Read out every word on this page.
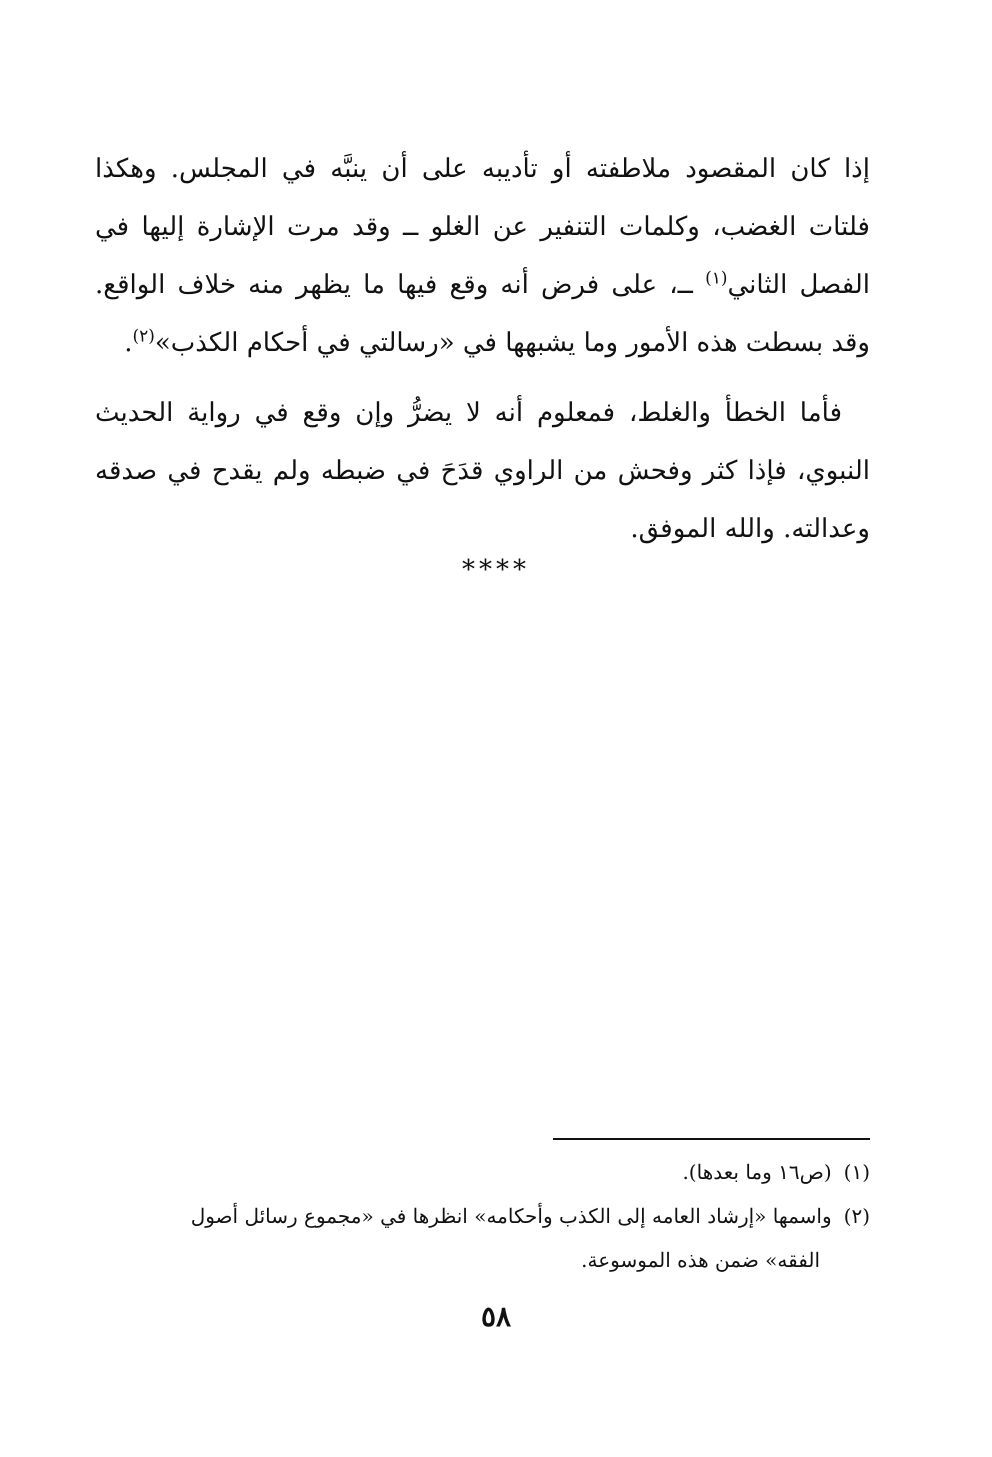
إذا كان المقصود ملاطفته أو تأديبه على أن ينبَّه في المجلس. وهكذا فلتات الغضب، وكلمات التنفير عن الغلو ــ وقد مرت الإشارة إليها في الفصل الثاني$^{(١)}$ ــ، على فرض أنه وقع فيها ما يظهر منه خلاف الواقع. وقد بسطت هذه الأمور وما يشبهها في «رسالتي في أحكام الكذب»$^{(٢)}$.

فأما الخطأ والغلط، فمعلوم أنه لا يضرُّ وإن وقع في رواية الحديث النبوي، فإذا كثر وفحش من الراوي قدَحَ في ضبطه ولم يقدح في صدقه وعدالته. والله الموفق.

****

(١)(ص١٦ وما بعدها).

(٢)واسمها «إرشاد العامه إلى الكذب وأحكامه» انظرها في «مجموع رسائل أصول
الفقه» ضمن هذه الموسوعة.

٥٨
